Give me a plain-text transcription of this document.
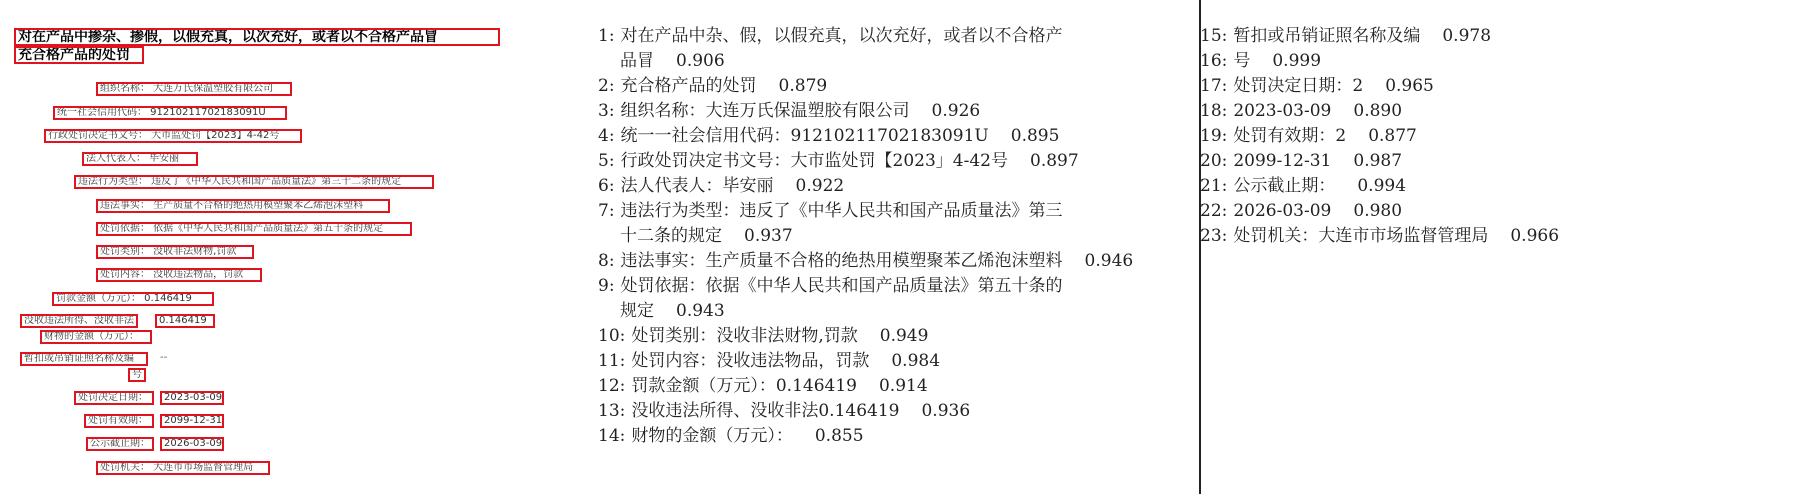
对在产品中掺杂、掺假，以假充真，以次充好，或者以不合格产品冒
充合格产品的处罚
组织名称： 大连万氏保温塑胶有限公司
统一社会信用代码： 91210211702183091U
行政处罚决定书文号： 大市监处罚【2023】4-42号
法人代表人： 毕安丽
违法行为类型： 违反了《中华人民共和国产品质量法》第三十二条的规定
违法事实： 生产质量不合格的绝热用模塑聚苯乙烯泡沫塑料
处罚依据： 依据《中华人民共和国产品质量法》第五十条的规定
处罚类别： 没收非法财物,罚款
处罚内容： 没收违法物品，罚款
罚款金额（万元）： 0.146419
没收违法所得、没收非法	0.146419
财物的金额（万元）：
暂扣或吊销证照名称及编	--
号
处罚决定日期：	2023-03-09
处罚有效期：	2099-12-31
公示截止期：	2026-03-09
处罚机关： 大连市市场监督管理局
1: 对在产品中杂、假，以假充真，以次充好，或者以不合格产
品冒 0.906
2: 充合格产品的处罚 0.879
3: 组织名称：大连万氏保温塑胶有限公司 0.926
4: 统一一社会信用代码：91210211702183091U 0.895
5: 行政处罚决定书文号：大市监处罚【2023」4-42号 0.897
6: 法人代表人：毕安丽 0.922
7: 违法行为类型：违反了《中华人民共和国产品质量法》第三
十二条的规定 0.937
8: 违法事实：生产质量不合格的绝热用模塑聚苯乙烯泡沫塑料 0.946
9: 处罚依据：依据《中华人民共和国产品质量法》第五十条的
规定 0.943
10: 处罚类别：没收非法财物,罚款 0.949
11: 处罚内容：没收违法物品，罚款 0.984
12: 罚款金额（万元）：0.146419 0.914
13: 没收违法所得、没收非法0.146419 0.936
14: 财物的金额（万元）： 0.855
15: 暂扣或吊销证照名称及编 0.978
16: 号 0.999
17: 处罚决定日期：2 0.965
18: 2023-03-09 0.890
19: 处罚有效期：2 0.877
20: 2099-12-31 0.987
21: 公示截止期： 0.994
22: 2026-03-09 0.980
23: 处罚机关：大连市市场监督管理局 0.966
